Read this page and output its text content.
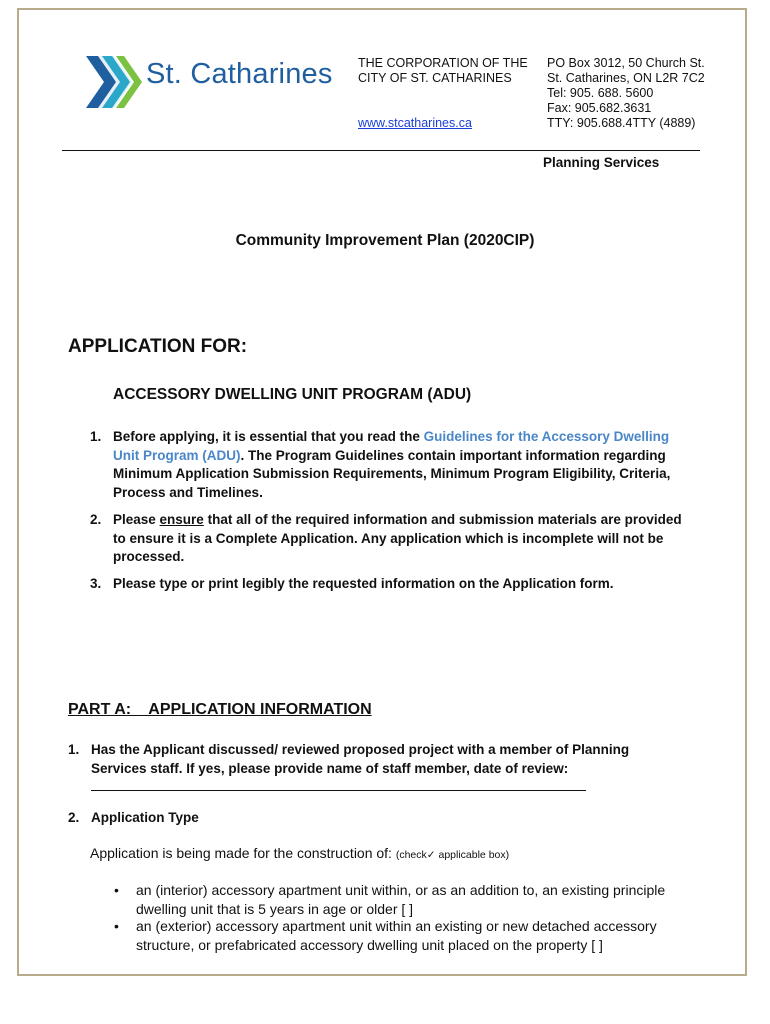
St. Catharines THE CORPORATION OF THE
CITY OF ST. CATHARINES
www.stcatharines.ca
PO Box 3012, 50 Church St.
St. Catharines, ON L2R 7C2
Tel: 905. 688. 5600
Fax: 905.682.3631
TTY: 905.688.4TTY (4889)
Planning Services
Community Improvement Plan (2020CIP)
APPLICATION FOR:
ACCESSORY DWELLING UNIT PROGRAM (ADU)
1. Before applying, it is essential that you read the Guidelines for the Accessory Dwelling Unit Program (ADU). The Program Guidelines contain important information regarding Minimum Application Submission Requirements, Minimum Program Eligibility, Criteria, Process and Timelines.
2. Please ensure that all of the required information and submission materials are provided to ensure it is a Complete Application. Any application which is incomplete will not be processed.
3. Please type or print legibly the requested information on the Application form.
PART A:    APPLICATION INFORMATION
1. Has the Applicant discussed/ reviewed proposed project with a member of Planning Services staff. If yes, please provide name of staff member, date of review:
2. Application Type
Application is being made for the construction of: (check✓ applicable box)
• an (interior) accessory apartment unit within, or as an addition to, an existing principle dwelling unit that is 5 years in age or older [ ]
• an (exterior) accessory apartment unit within an existing or new detached accessory structure, or prefabricated accessory dwelling unit placed on the property [ ]
